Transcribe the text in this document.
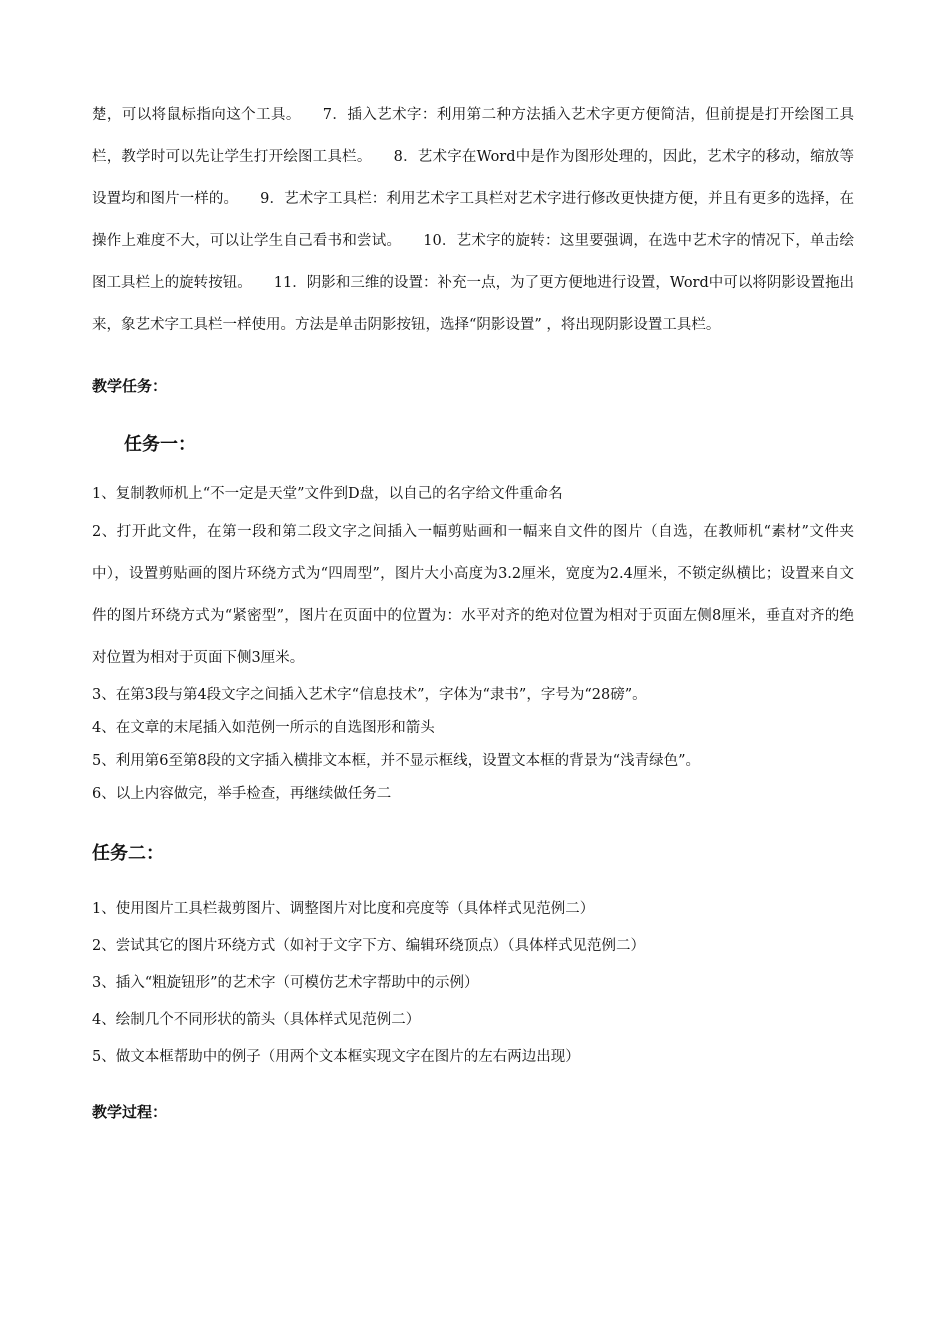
楚，可以将鼠标指向这个工具。 7．插入艺术字：利用第二种方法插入艺术字更方便简洁，但前提是打开绘图工具栏，教学时可以先让学生打开绘图工具栏。 8．艺术字在Word中是作为图形处理的，因此，艺术字的移动，缩放等设置均和图片一样的。 9．艺术字工具栏：利用艺术字工具栏对艺术字进行修改更快捷方便，并且有更多的选择，在操作上难度不大，可以让学生自己看书和尝试。 10．艺术字的旋转：这里要强调，在选中艺术字的情况下，单击绘图工具栏上的旋转按钮。 11．阴影和三维的设置：补充一点，为了更方便地进行设置，Word中可以将阴影设置拖出来，象艺术字工具栏一样使用。方法是单击阴影按钮，选择“阴影设置” ，将出现阴影设置工具栏。

教学任务：

任务一：

1、复制教师机上“不一定是天堂”文件到D盘，以自己的名字给文件重命名
2、打开此文件，在第一段和第二段文字之间插入一幅剪贴画和一幅来自文件的图片（自选，在教师机“素材”文件夹中），设置剪贴画的图片环绕方式为“四周型”，图片大小高度为3.2厘米，宽度为2.4厘米，不锁定纵横比；设置来自文件的图片环绕方式为“紧密型”，图片在页面中的位置为：水平对齐的绝对位置为相对于页面左侧8厘米，垂直对齐的绝对位置为相对于页面下侧3厘米。
3、在第3段与第4段文字之间插入艺术字“信息技术”，字体为“隶书”，字号为“28磅”。
4、在文章的末尾插入如范例一所示的自选图形和箭头
5、利用第6至第8段的文字插入横排文本框，并不显示框线，设置文本框的背景为“浅青绿色”。
6、以上内容做完，举手检查，再继续做任务二

任务二：

1、使用图片工具栏裁剪图片、调整图片对比度和亮度等（具体样式见范例二）
2、尝试其它的图片环绕方式（如衬于文字下方、编辑环绕顶点）（具体样式见范例二）
3、插入“粗旋钮形”的艺术字（可模仿艺术字帮助中的示例）
4、绘制几个不同形状的箭头（具体样式见范例二）
5、做文本框帮助中的例子（用两个文本框实现文字在图片的左右两边出现）

教学过程：
